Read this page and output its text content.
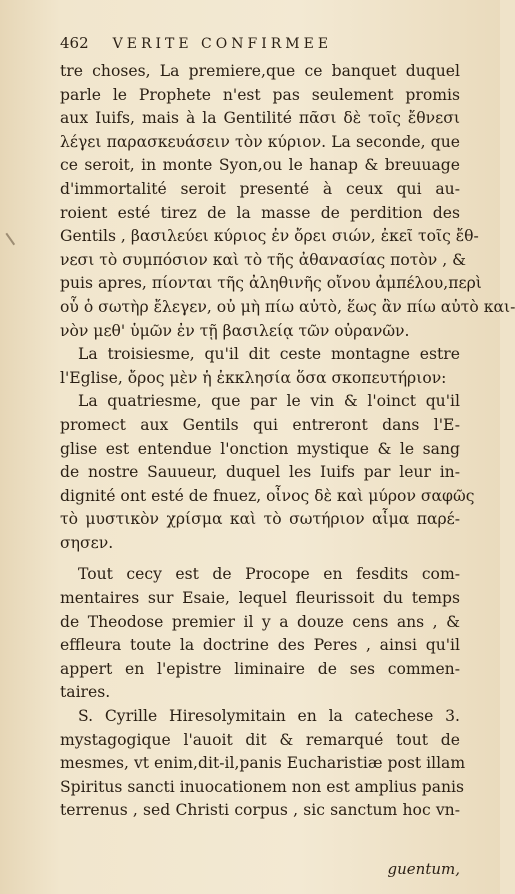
462 VERITE CONFIRMEE
tre choses, La premiere,que ce banquet duquel
parle le Prophete n'est pas seulement promis
aux Iuifs, mais à la Gentilité πᾶσι δὲ τοῖς ἔθνεσι
λέγει παρασκευάσειν τὸν κύριον. La seconde, que
ce seroit, in monte Syon,ou le hanap & breuuage
d'immortalité seroit presenté à ceux qui au-
roient esté tirez de la masse de perdition des
Gentils , βασιλεύει κύριος ἐν ὄρει σιών, ἐκεῖ τοῖς ἔθ-
νεσι τὸ συμπόσιον καὶ τὸ τῆς ἀθανασίας ποτὸν , &
puis apres, πίονται τῆς ἀληθινῆς οἴνου ἀμπέλου,περὶ
οὗ ὁ σωτὴρ ἔλεγεν, οὐ μὴ πίω αὐτὸ, ἕως ἂν πίω αὐτὸ και-
νὸν μεθ' ὑμῶν ἐν τῇ βασιλείᾳ τῶν οὐρανῶν.
La troisiesme, qu'il dit ceste montagne estre
l'Eglise, ὄρος μὲν ἡ ἐκκλησία ὅσα σκοπευτήριον:
La quatriesme, que par le vin & l'oinct qu'il
promect aux Gentils qui entreront dans l'E-
glise est entendue l'onction mystique & le sang
de nostre Sauueur, duquel les Iuifs par leur in-
dignité ont esté de fnuez, οἶνος δὲ καὶ μύρον σαφῶς
τὸ μυστικὸν χρίσμα καὶ τὸ σωτήριον αἷμα παρέ-
σησεν.
Tout cecy est de Procope en fesdits com-
mentaires sur Esaie, lequel fleurissoit du temps
de Theodose premier il y a douze cens ans , &
effleura toute la doctrine des Peres , ainsi qu'il
appert en l'epistre liminaire de ses commen-
taires.
S. Cyrille Hiresolymitain en la catechese 3.
mystagogique l'auoit dit & remarqué tout de
mesmes, vt enim,dit-il,panis Eucharistiæ post illam
Spiritus sancti inuocationem non est amplius panis
terrenus , sed Christi corpus , sic sanctum hoc vn-
guentum,
